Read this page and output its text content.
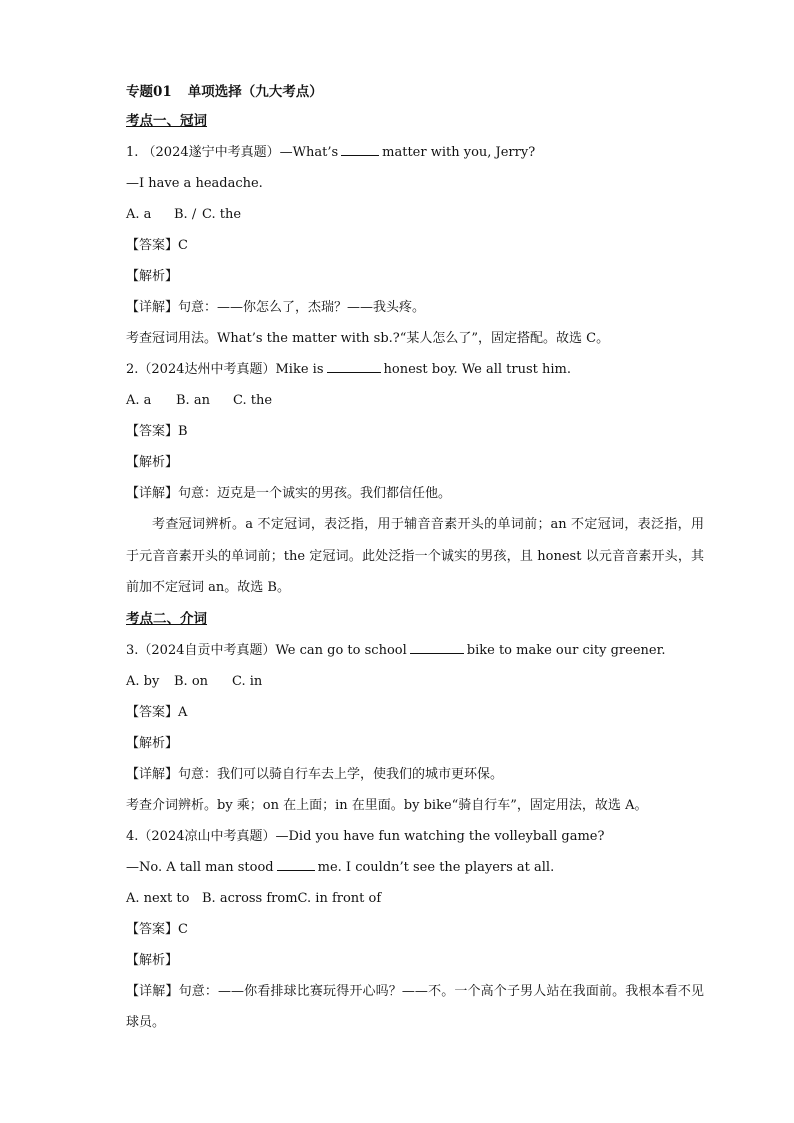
专题01 单项选择（九大考点）
考点一、冠词
1. （2024遂宁中考真题）—What’s	matter with you, Jerry?
—I have a headache.
A. a B. / C. the
【答案】C
【解析】
【详解】句意：——你怎么了，杰瑞？——我头疼。
考查冠词用法。What’s the matter with sb.?“某人怎么了”，固定搭配。故选 C。
2.（2024达州中考真题）Mike is	honest boy. We all trust him.
A. a B. an C. the
【答案】B
【解析】
【详解】句意：迈克是一个诚实的男孩。我们都信任他。
考查冠词辨析。a 不定冠词，表泛指，用于辅音音素开头的单词前；an 不定冠词，表泛指，用于元音音素开头的单词前；the 定冠词。此处泛指一个诚实的男孩，且 honest 以元音音素开头，其前加不定冠词 an。故选 B。
考点二、介词
3.（2024自贡中考真题）We can go to school	bike to make our city greener.
A. by B. on C. in
【答案】A
【解析】
【详解】句意：我们可以骑自行车去上学，使我们的城市更环保。
考查介词辨析。by 乘；on 在上面；in 在里面。by bike“骑自行车”，固定用法，故选 A。
4.（2024凉山中考真题）—Did you have fun watching the volleyball game?
—No. A tall man stood	me. I couldn’t see the players at all.
A. next to B. across fromC. in front of
【答案】C
【解析】
【详解】句意：——你看排球比赛玩得开心吗？——不。一个高个子男人站在我面前。我根本看不见球员。
